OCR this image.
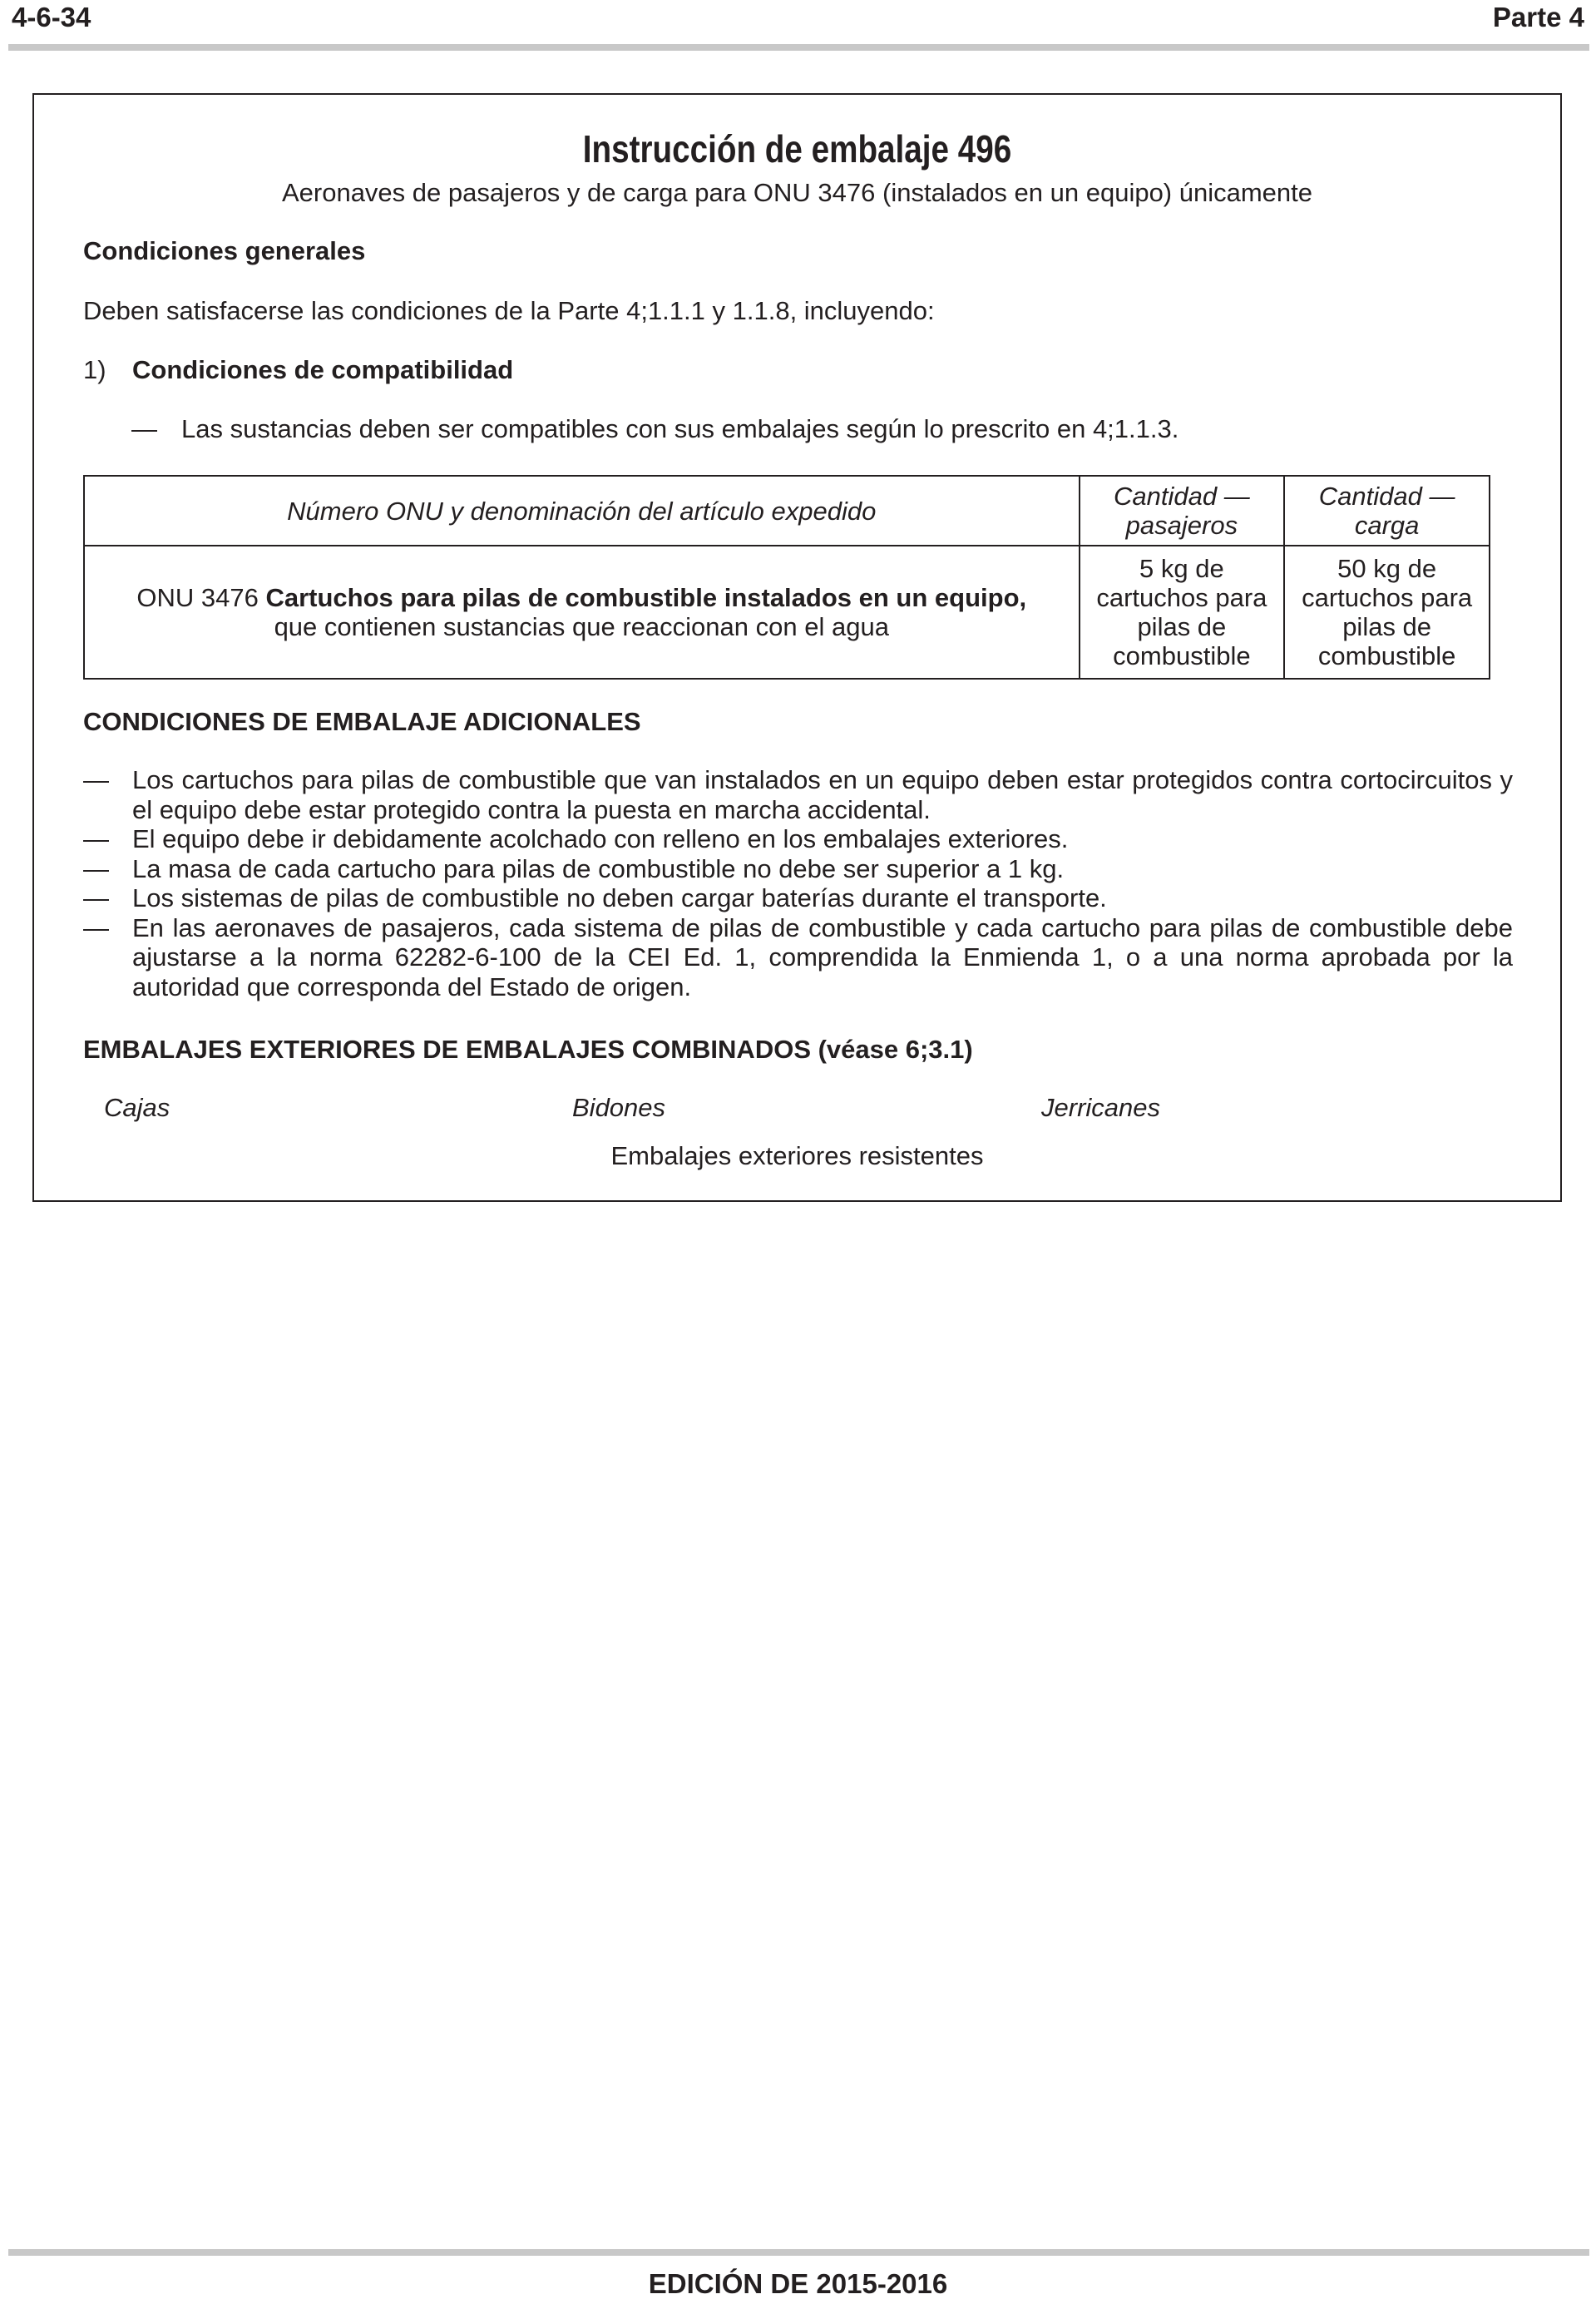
4-6-34	Parte 4
Instrucción de embalaje 496
Aeronaves de pasajeros y de carga para ONU 3476 (instalados en un equipo) únicamente
Condiciones generales
Deben satisfacerse las condiciones de la Parte 4;1.1.1 y 1.1.8, incluyendo:
1) Condiciones de compatibilidad
— Las sustancias deben ser compatibles con sus embalajes según lo prescrito en 4;1.1.3.
Número ONU y denominación del artículo expedido	Cantidad — pasajeros	Cantidad — carga
ONU 3476 Cartuchos para pilas de combustible instalados en un equipo,
que contienen sustancias que reaccionan con el agua	5 kg de cartuchos para pilas de combustible	50 kg de cartuchos para pilas de combustible
CONDICIONES DE EMBALAJE ADICIONALES
— Los cartuchos para pilas de combustible que van instalados en un equipo deben estar protegidos contra cortocircuitos y el equipo debe estar protegido contra la puesta en marcha accidental.
— El equipo debe ir debidamente acolchado con relleno en los embalajes exteriores.
— La masa de cada cartucho para pilas de combustible no debe ser superior a 1 kg.
— Los sistemas de pilas de combustible no deben cargar baterías durante el transporte.
— En las aeronaves de pasajeros, cada sistema de pilas de combustible y cada cartucho para pilas de combustible debe ajustarse a la norma 62282-6-100 de la CEI Ed. 1, comprendida la Enmienda 1, o a una norma aprobada por la autoridad que corresponda del Estado de origen.
EMBALAJES EXTERIORES DE EMBALAJES COMBINADOS (véase 6;3.1)
Cajas	Bidones	Jerricanes
Embalajes exteriores resistentes
EDICIÓN DE 2015-2016
